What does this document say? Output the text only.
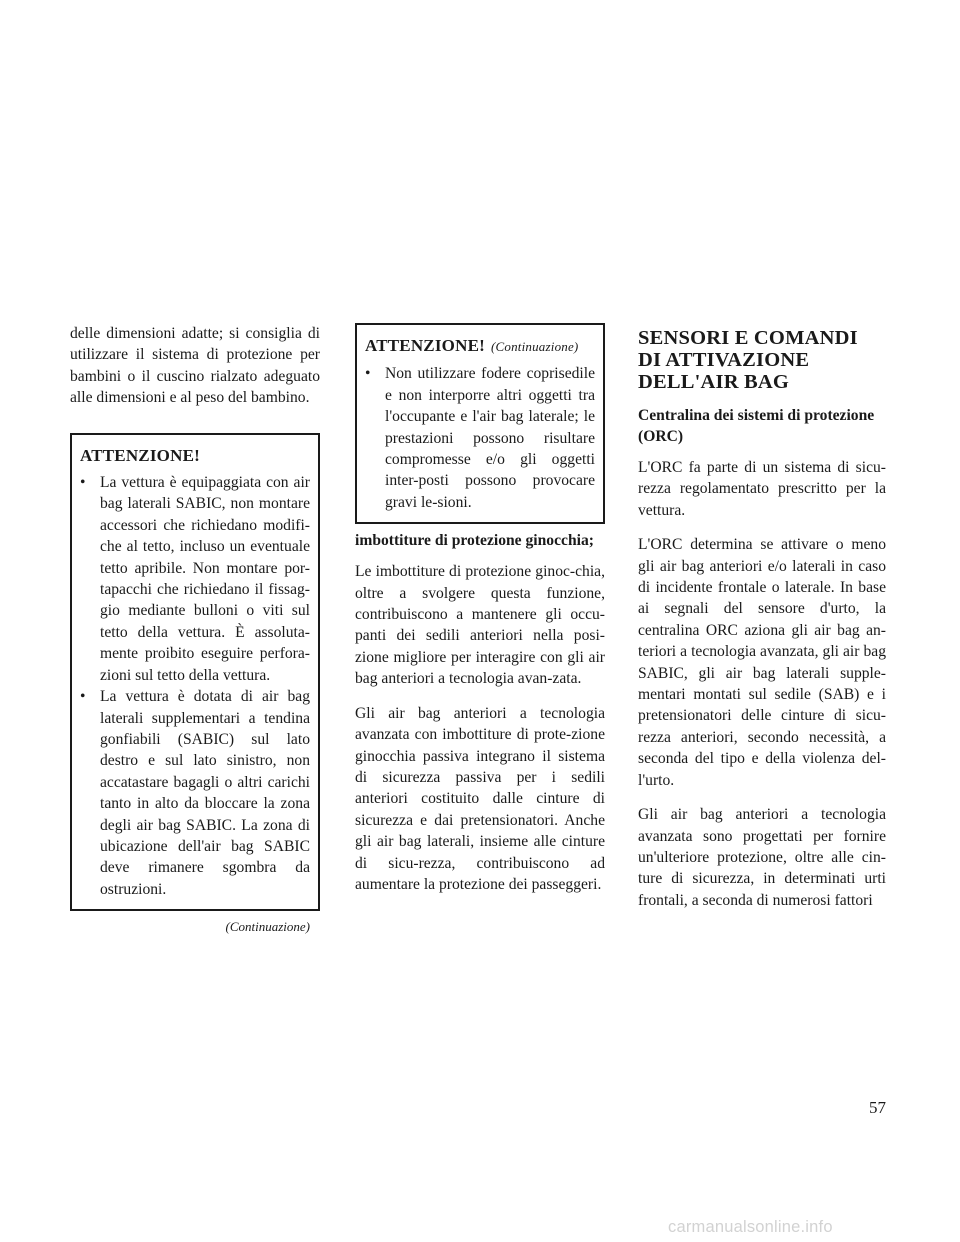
delle dimensioni adatte; si consiglia di utilizzare il sistema di protezione per bambini o il cuscino rialzato adeguato alle dimensioni e al peso del bambino.

ATTENZIONE!
• La vettura è equipaggiata con air bag laterali SABIC, non montare accessori che richiedano modifi-che al tetto, incluso un eventuale tetto apribile. Non montare por-tapacchi che richiedano il fissag-gio mediante bulloni o viti sul tetto della vettura. È assoluta-mente proibito eseguire perfora-zioni sul tetto della vettura.
• La vettura è dotata di air bag laterali supplementari a tendina gonfiabili (SABIC) sul lato destro e sul lato sinistro, non accatastare bagagli o altri carichi tanto in alto da bloccare la zona degli air bag SABIC. La zona di ubicazione dell'air bag SABIC deve rimanere sgombra da ostruzioni.
(Continuazione)
ATTENZIONE! (Continuazione)
• Non utilizzare fodere coprisedile e non interporre altri oggetti tra l'occupante e l'air bag laterale; le prestazioni possono risultare compromesse e/o gli oggetti inter-posti possono provocare gravi le-sioni.
imbottiture di protezione ginocchia;

Le imbottiture di protezione ginoc-chia, oltre a svolgere questa funzione, contribuiscono a mantenere gli occu-panti dei sedili anteriori nella posi-zione migliore per interagire con gli air bag anteriori a tecnologia avan-zata.

Gli air bag anteriori a tecnologia avanzata con imbottiture di prote-zione ginocchia passiva integrano il sistema di sicurezza passiva per i sedili anteriori costituito dalle cinture di sicurezza e dai pretensionatori. Anche gli air bag laterali, insieme alle cinture di sicu-rezza, contribuiscono ad aumentare la protezione dei passeggeri.

SENSORI E COMANDI DI ATTIVAZIONE DELL'AIR BAG
Centralina dei sistemi di protezione (ORC)

L'ORC fa parte di un sistema di sicu-rezza regolamentato prescritto per la vettura.

L'ORC determina se attivare o meno gli air bag anteriori e/o laterali in caso di incidente frontale o laterale. In base ai segnali del sensore d'urto, la centralina ORC aziona gli air bag an-teriori a tecnologia avanzata, gli air bag SABIC, gli air bag laterali supple-mentari montati sul sedile (SAB) e i pretensionatori delle cinture di sicu-rezza anteriori, secondo necessità, a seconda del tipo e della violenza del-l'urto.

Gli air bag anteriori a tecnologia avanzata sono progettati per fornire un'ulteriore protezione, oltre alle cin-ture di sicurezza, in determinati urti frontali, a seconda di numerosi fattori

57
carmanualsonline.info
